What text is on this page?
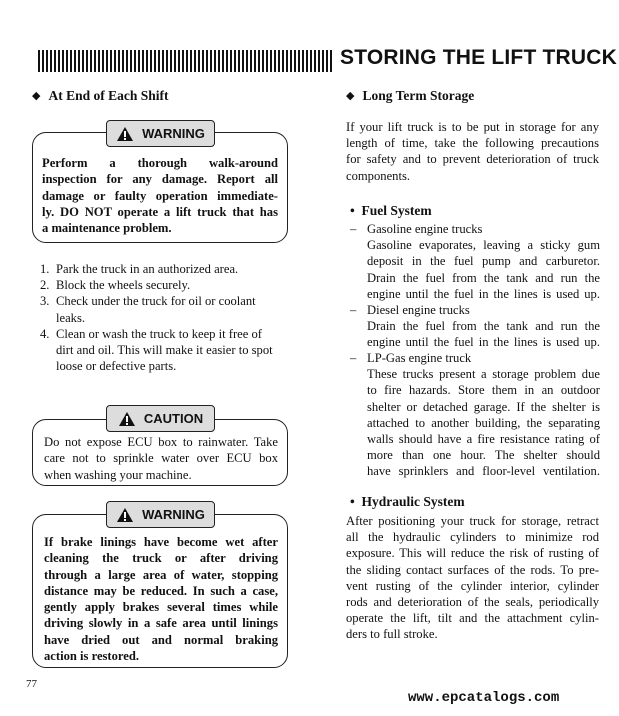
STORING THE LIFT TRUCK
◆ At End of Each Shift
WARNING
Perform a thorough walk-around
inspection for any damage. Report all
damage or faulty operation immediate-
ly. DO NOT operate a lift truck that has
a maintenance problem.
1. Park the truck in an authorized area.
2. Block the wheels securely.
3. Check under the truck for oil or coolant
leaks.
4. Clean or wash the truck to keep it free of
dirt and oil. This will make it easier to spot
loose or defective parts.
CAUTION
Do not expose ECU box to rainwater. Take
care not to sprinkle water over ECU box
when washing your machine.
WARNING
If brake linings have become wet after
cleaning the truck or after driving
through a large area of water, stopping
distance may be reduced. In such a case,
gently apply brakes several times while
driving slowly in a safe area until linings
have dried out and normal braking
action is restored.
77
◆ Long Term Storage
If your lift truck is to be put in storage for any
length of time, take the following precautions
for safety and to prevent deterioration of truck
components.
• Fuel System
– Gasoline engine trucks
Gasoline evaporates, leaving a sticky gum
deposit in the fuel pump and carburetor.
Drain the fuel from the tank and run the
engine until the fuel in the lines is used up.
– Diesel engine trucks
Drain the fuel from the tank and run the
engine until the fuel in the lines is used up.
– LP-Gas engine truck
These trucks present a storage problem due
to fire hazards. Store them in an outdoor
shelter or detached garage. If the shelter is
attached to another building, the separating
walls should have a fire resistance rating of
more than one hour. The shelter should
have sprinklers and floor-level ventilation.
• Hydraulic System
After positioning your truck for storage, retract
all the hydraulic cylinders to minimize rod
exposure. This will reduce the risk of rusting of
the sliding contact surfaces of the rods. To pre-
vent rusting of the cylinder interior, cylinder
rods and deterioration of the seals, periodically
operate the lift, tilt and the attachment cylin-
ders to full stroke.
www.epcatalogs.com
